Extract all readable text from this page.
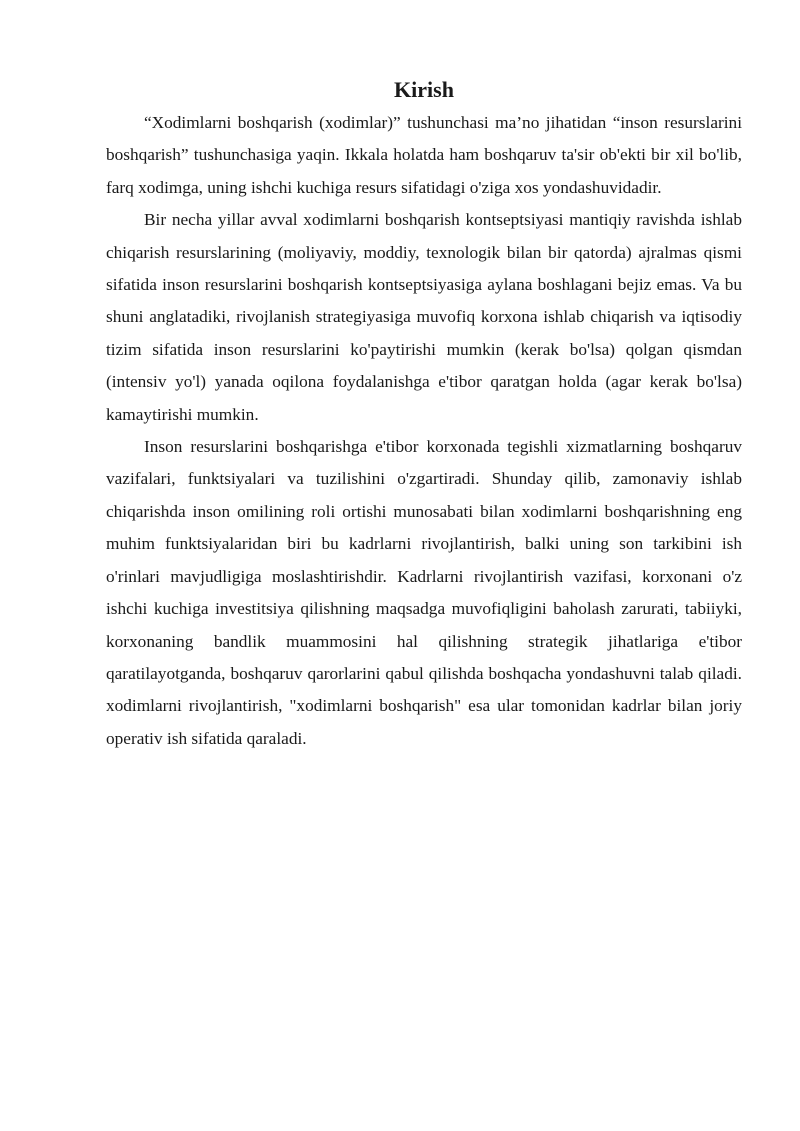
Kirish

“Xodimlarni boshqarish (xodimlar)” tushunchasi ma’no jihatidan “inson resurslarini boshqarish” tushunchasiga yaqin. Ikkala holatda ham boshqaruv ta'sir ob'ekti bir xil bo'lib, farq xodimga, uning ishchi kuchiga resurs sifatidagi o'ziga xos yondashuvidadir.

Bir necha yillar avval xodimlarni boshqarish kontseptsiyasi mantiqiy ravishda ishlab chiqarish resurslarining (moliyaviy, moddiy, texnologik bilan bir qatorda) ajralmas qismi sifatida inson resurslarini boshqarish kontseptsiyasiga aylana boshlagani bejiz emas. Va bu shuni anglatadiki, rivojlanish strategiyasiga muvofiq korxona ishlab chiqarish va iqtisodiy tizim sifatida inson resurslarini ko'paytirishi mumkin (kerak bo'lsa) qolgan qismdan (intensiv yo'l) yanada oqilona foydalanishga e'tibor qaratgan holda (agar kerak bo'lsa) kamaytirishi mumkin.

Inson resurslarini boshqarishga e'tibor korxonada tegishli xizmatlarning boshqaruv vazifalari, funktsiyalari va tuzilishini o'zgartiradi. Shunday qilib, zamonaviy ishlab chiqarishda inson omilining roli ortishi munosabati bilan xodimlarni boshqarishning eng muhim funktsiyalaridan biri bu kadrlarni rivojlantirish, balki uning son tarkibini ish o'rinlari mavjudligiga moslashtirishdir. Kadrlarni rivojlantirish vazifasi, korxonani o'z ishchi kuchiga investitsiya qilishning maqsadga muvofiqligini baholash zarurati, tabiiyki, korxonaning bandlik muammosini hal qilishning strategik jihatlariga e'tibor qaratilayotganda, boshqaruv qarorlarini qabul qilishda boshqacha yondashuvni talab qiladi. xodimlarni rivojlantirish, "xodimlarni boshqarish" esa ular tomonidan kadrlar bilan joriy operativ ish sifatida qaraladi.
